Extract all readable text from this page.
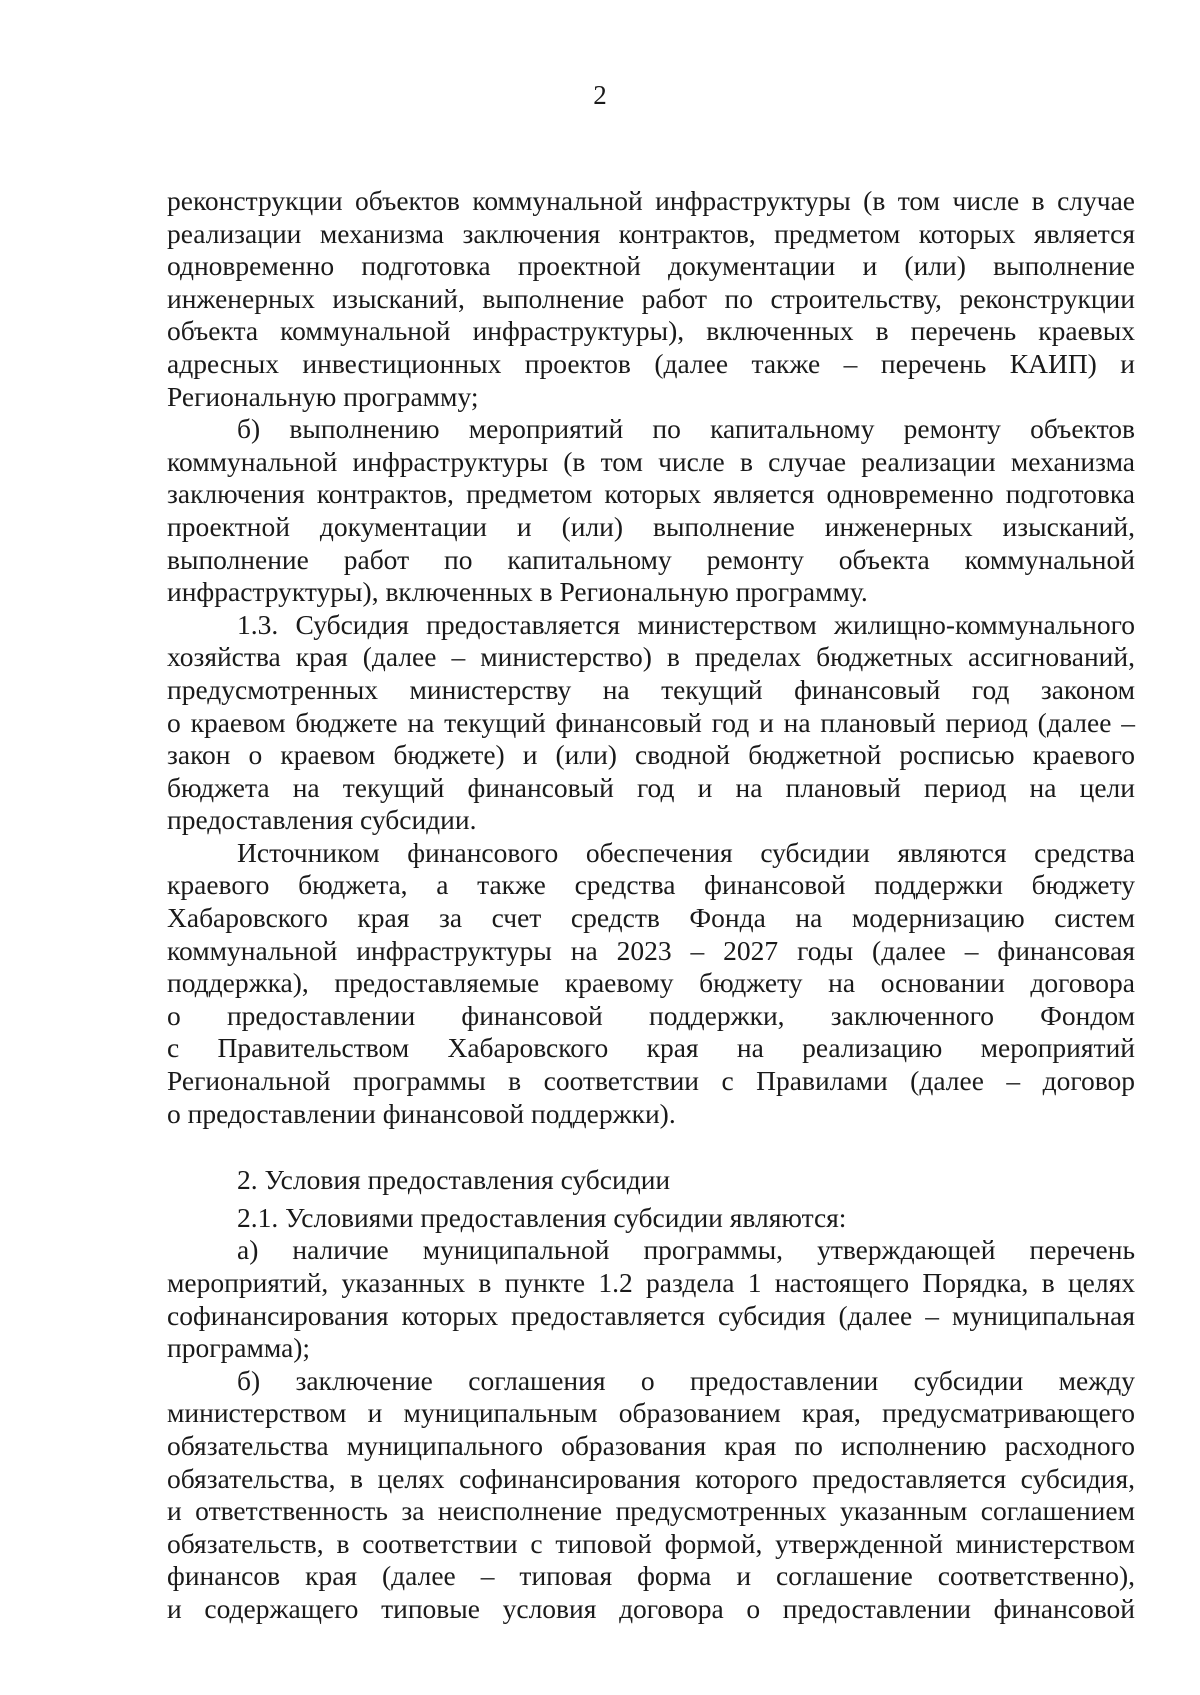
2

реконструкции объектов коммунальной инфраструктуры (в том числе в случае

реализации механизма заключения контрактов, предметом которых является

одновременно подготовка проектной документации и (или) выполнение

инженерных изысканий, выполнение работ по строительству, реконструкции

объекта коммунальной инфраструктуры), включенных в перечень краевых

адресных инвестиционных проектов (далее также – перечень КАИП) и

Региональную программу;

б) выполнению мероприятий по капитальному ремонту объектов

коммунальной инфраструктуры (в том числе в случае реализации механизма

заключения контрактов, предметом которых является одновременно подготовка

проектной документации и (или) выполнение инженерных изысканий,

выполнение работ по капитальному ремонту объекта коммунальной

инфраструктуры), включенных в Региональную программу.

1.3. Субсидия предоставляется министерством жилищно-коммунального

хозяйства края (далее – министерство) в пределах бюджетных ассигнований,

предусмотренных министерству на текущий финансовый год законом

о краевом бюджете на текущий финансовый год и на плановый период (далее –

закон о краевом бюджете) и (или) сводной бюджетной росписью краевого

бюджета на текущий финансовый год и на плановый период на цели

предоставления субсидии.

Источником финансового обеспечения субсидии являются средства

краевого бюджета, а также средства финансовой поддержки бюджету

Хабаровского края за счет средств Фонда на модернизацию систем

коммунальной инфраструктуры на 2023 – 2027 годы (далее – финансовая

поддержка), предоставляемые краевому бюджету на основании договора

о предоставлении финансовой поддержки, заключенного Фондом

с Правительством Хабаровского края на реализацию мероприятий

Региональной программы в соответствии с Правилами (далее – договор

о предоставлении финансовой поддержки).

2. Условия предоставления субсидии

2.1. Условиями предоставления субсидии являются:

а) наличие муниципальной программы, утверждающей перечень

мероприятий, указанных в пункте 1.2 раздела 1 настоящего Порядка, в целях

софинансирования которых предоставляется субсидия (далее – муниципальная

программа);

б) заключение соглашения о предоставлении субсидии между

министерством и муниципальным образованием края, предусматривающего

обязательства муниципального образования края по исполнению расходного

обязательства, в целях софинансирования которого предоставляется субсидия,

и ответственность за неисполнение предусмотренных указанным соглашением

обязательств, в соответствии с типовой формой, утвержденной министерством

финансов края (далее – типовая форма и соглашение соответственно),

и содержащего типовые условия договора о предоставлении финансовой
